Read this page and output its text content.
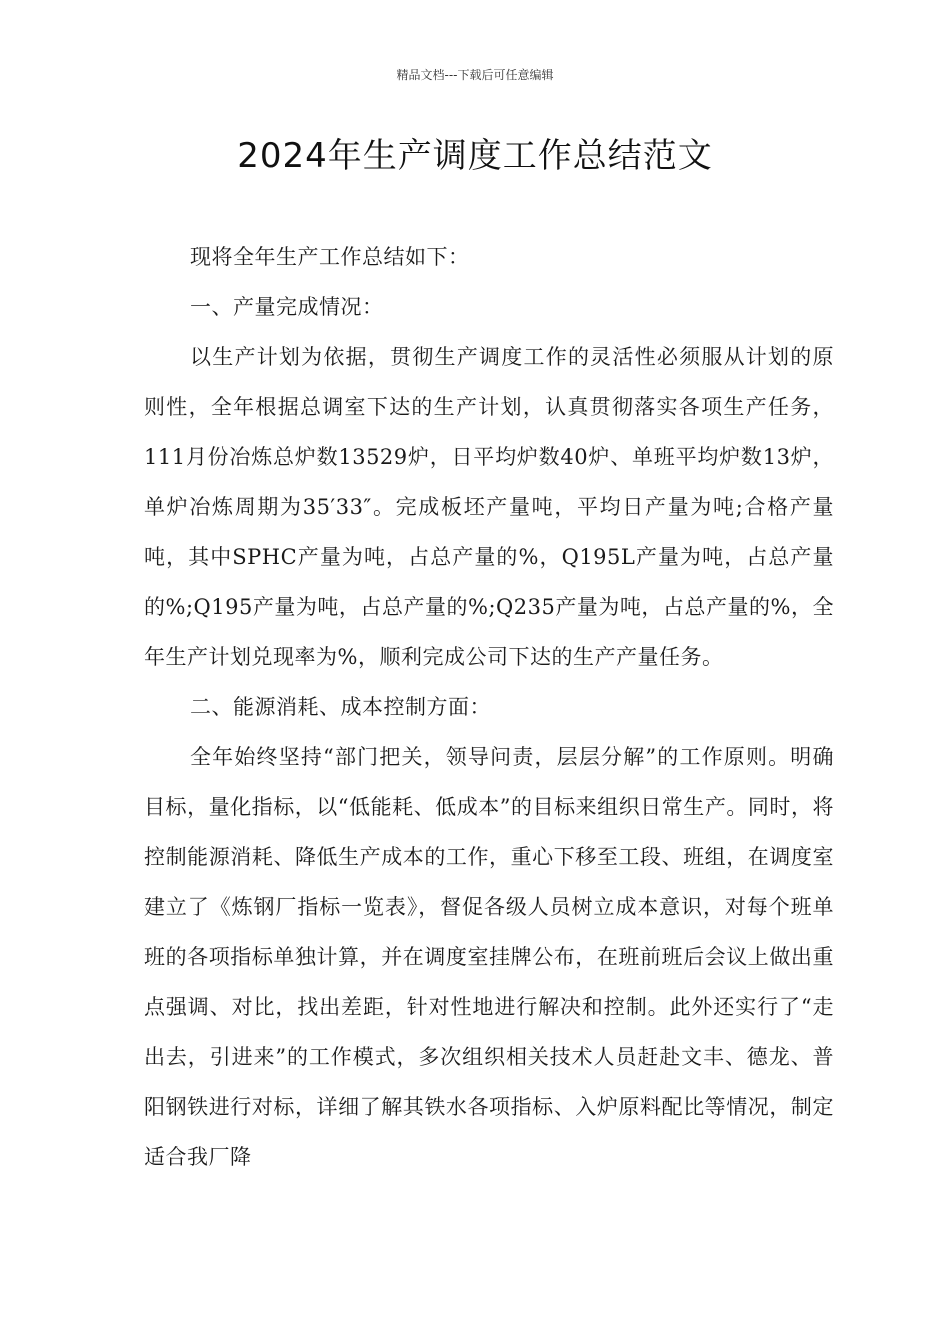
精品文档---下载后可任意编辑
2024年生产调度工作总结范文

现将全年生产工作总结如下：

一、产量完成情况：

以生产计划为依据，贯彻生产调度工作的灵活性必须服从计划的原则性，全年根据总调室下达的生产计划，认真贯彻落实各项生产任务，111月份冶炼总炉数13529炉，日平均炉数40炉、单班平均炉数13炉，单炉冶炼周期为35′33″。完成板坯产量吨，平均日产量为吨;合格产量吨，其中SPHC产量为吨，占总产量的%，Q195L产量为吨，占总产量的%;Q195产量为吨，占总产量的%;Q235产量为吨，占总产量的%，全年生产计划兑现率为%，顺利完成公司下达的生产产量任务。

二、能源消耗、成本控制方面：

全年始终坚持“部门把关，领导问责，层层分解”的工作原则。明确目标，量化指标，以“低能耗、低成本”的目标来组织日常生产。同时，将控制能源消耗、降低生产成本的工作，重心下移至工段、班组，在调度室建立了《炼钢厂指标一览表》，督促各级人员树立成本意识，对每个班单班的各项指标单独计算，并在调度室挂牌公布，在班前班后会议上做出重点强调、对比，找出差距，针对性地进行解决和控制。此外还实行了“走出去，引进来”的工作模式，多次组织相关技术人员赶赴文丰、德龙、普阳钢铁进行对标，详细了解其铁水各项指标、入炉原料配比等情况，制定适合我厂降
